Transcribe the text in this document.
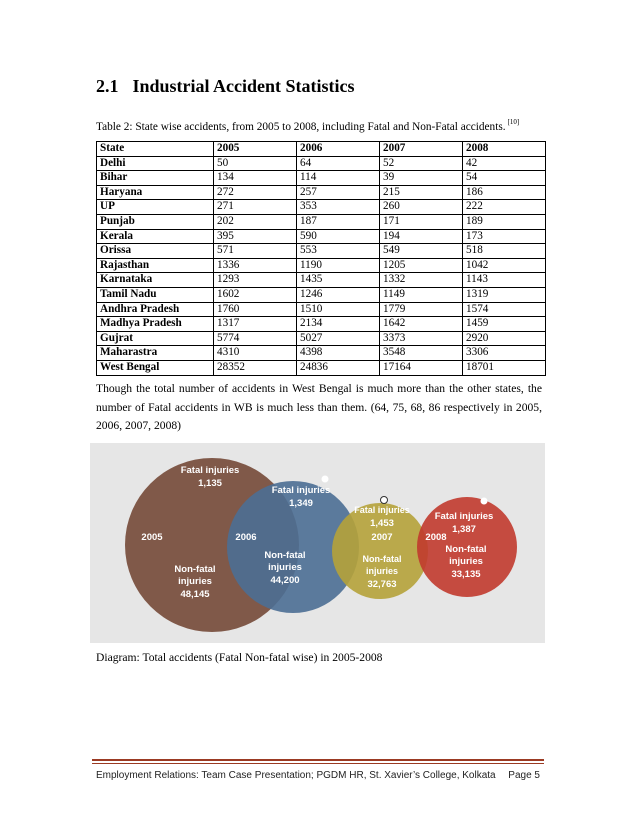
2.1 Industrial Accident Statistics
Table 2: State wise accidents, from 2005 to 2008, including Fatal and Non-Fatal accidents. [10]
State	2005	2006	2007	2008
Delhi	50	64	52	42
Bihar	134	114	39	54
Haryana	272	257	215	186
UP	271	353	260	222
Punjab	202	187	171	189
Kerala	395	590	194	173
Orissa	571	553	549	518
Rajasthan	1336	1190	1205	1042
Karnataka	1293	1435	1332	1143
Tamil Nadu	1602	1246	1149	1319
Andhra Pradesh	1760	1510	1779	1574
Madhya Pradesh	1317	2134	1642	1459
Gujrat	5774	5027	3373	2920
Maharastra	4310	4398	3548	3306
West Bengal	28352	24836	17164	18701
Though the total number of accidents in West Bengal is much more than the other states, the number of Fatal accidents in WB is much less than them. (64, 75, 68, 86 respectively in 2005, 2006, 2007, 2008)
Fatal injuries
1,135
2005
Non-fatal
injuries
48,145
Fatal injuries
1,349
2006
Non-fatal
injuries
44,200
Fatal injuries
1,453
2007
Non-fatal
injuries
32,763
Fatal injuries
1,387
2008
Non-fatal
injuries
33,135
Diagram: Total accidents (Fatal Non-fatal wise) in 2005-2008
Employment Relations: Team Case Presentation; PGDM HR, St. Xavier’s College, Kolkata Page 5
